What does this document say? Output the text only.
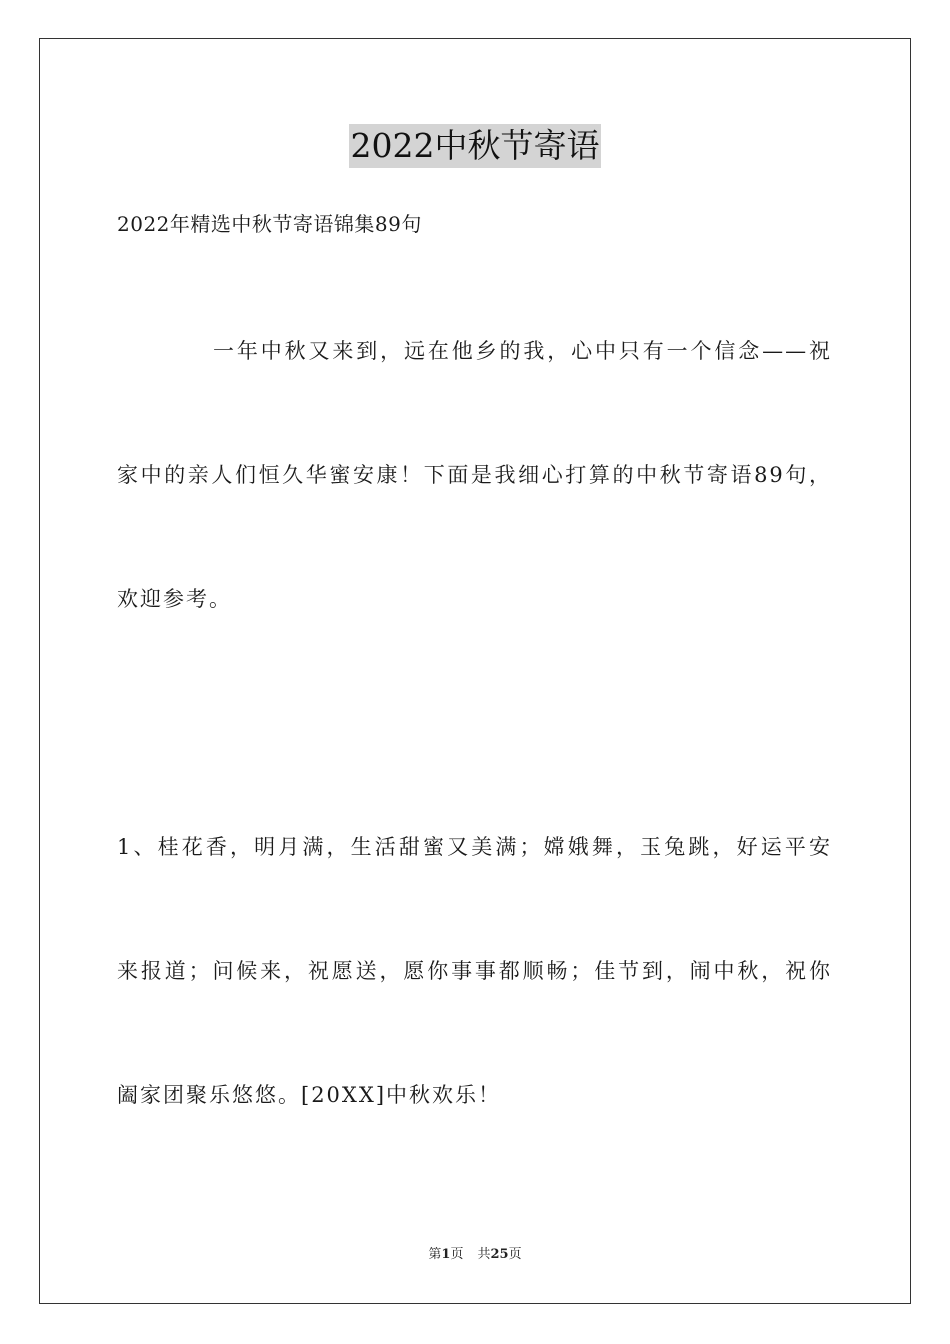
2022中秋节寄语
2022年精选中秋节寄语锦集89句
一年中秋又来到，远在他乡的我，心中只有一个信念——祝
家中的亲人们恒久华蜜安康！下面是我细心打算的中秋节寄语89句，
欢迎参考。
1、桂花香，明月满，生活甜蜜又美满；嫦娥舞，玉兔跳，好运平安
来报道；问候来，祝愿送，愿你事事都顺畅；佳节到，闹中秋，祝你
阖家团聚乐悠悠。[20XX]中秋欢乐！
第1页 共25页
